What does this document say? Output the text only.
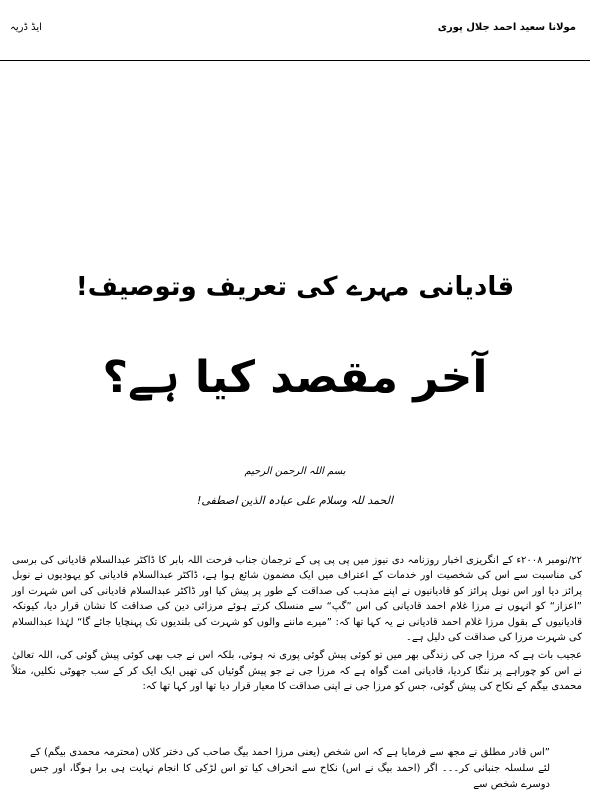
ایڈ ڈریہ	مولانا سعید احمد جلال پوری
قادیانی مہرے کی تعریف وتوصیف!
آخر مقصد کیا ہے؟
بسم اللہ الرحمن الرحیم
الحمد للہ وسلام علی عبادہ الذین اصطفی!

۲۲/نومبر ۲۰۰۸ء کے انگریزی اخبار روزنامہ دی نیوز میں پی پی پی کے ترجمان جناب فرحت اللہ بابر کا ڈاکٹر عبدالسلام قادیانی کی برسی کی مناسبت سے اس کی شخصیت اور خدمات کے اعتراف میں ایک مضمون شائع ہوا ہے، ڈاکٹر عبدالسلام قادیانی کو یہودیوں نے نوبل پرائز دیا اور اس نوبل پرائز کو قادیانیوں نے اپنے مذہب کی صداقت کے طور پر پیش کیا اور ڈاکٹر عبدالسلام قادیانی کی اس شہرت اور ”اعزاز“ کو انہوں نے مرزا غلام احمد قادیانی کی اس ”گپ“ سے منسلک کرتے ہوئے مرزائی دین کی صداقت کا نشان قرار دیا، کیونکہ قادیانیوں کے بقول مرزا غلام احمد قادیانی نے یہ کہا تھا کہ: ”میرے ماننے والوں کو شہرت کی بلندیوں تک پہنچایا جائے گا“ لہٰذا عبدالسلام کی شہرت مرزا کی صداقت کی دلیل ہے۔

عجیب بات ہے کہ مرزا جی کی زندگی بھر میں تو کوئی پیش گوئی پوری نہ ہوئی، بلکہ اس نے جب بھی کوئی پیش گوئی کی، اللہ تعالیٰ نے اس کو چوراہے پر ننگا کردیا، قادیانی امت گواہ ہے کہ مرزا جی نے جو پیش گوئیاں کی تھیں ایک ایک کر کے سب جھوٹی نکلیں، مثلاً محمدی بیگم کے نکاح کی پیش گوئی، جس کو مرزا جی نے اپنی صداقت کا معیار قرار دیا تھا اور کہا تھا کہ:

”اس قادر مطلق نے مجھ سے فرمایا ہے کہ اس شخص (یعنی مرزا احمد بیگ صاحب کی دختر کلاں (محترمہ محمدی بیگم) کے لئے سلسلہ جنبانی کر۔۔۔ اگر (احمد بیگ نے اس) نکاح سے انحراف کیا تو اس لڑکی کا انجام نہایت ہی برا ہوگا، اور جس دوسرے شخص سے
